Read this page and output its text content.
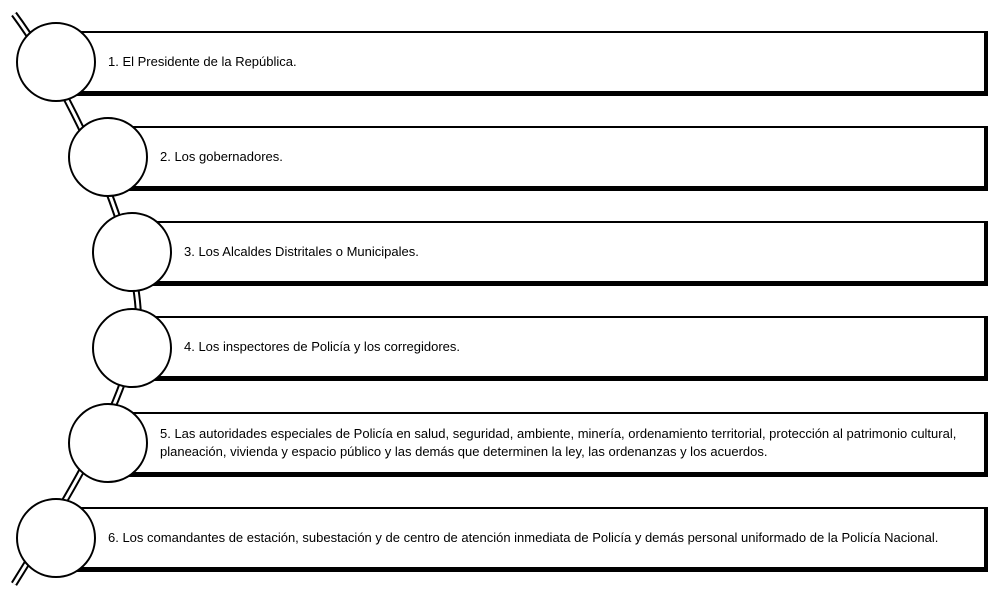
1. El Presidente de la República.
2. Los gobernadores.
3. Los Alcaldes Distritales o Municipales.
4. Los inspectores de Policía y los corregidores.
5. Las autoridades especiales de Policía en salud, seguridad, ambiente, minería, ordenamiento territorial, protección al patrimonio cultural, planeación, vivienda y espacio público y las demás que determinen la ley, las ordenanzas y los acuerdos.
6. Los comandantes de estación, subestación y de centro de atención inmediata de Policía y demás personal uniformado de la Policía Nacional.
